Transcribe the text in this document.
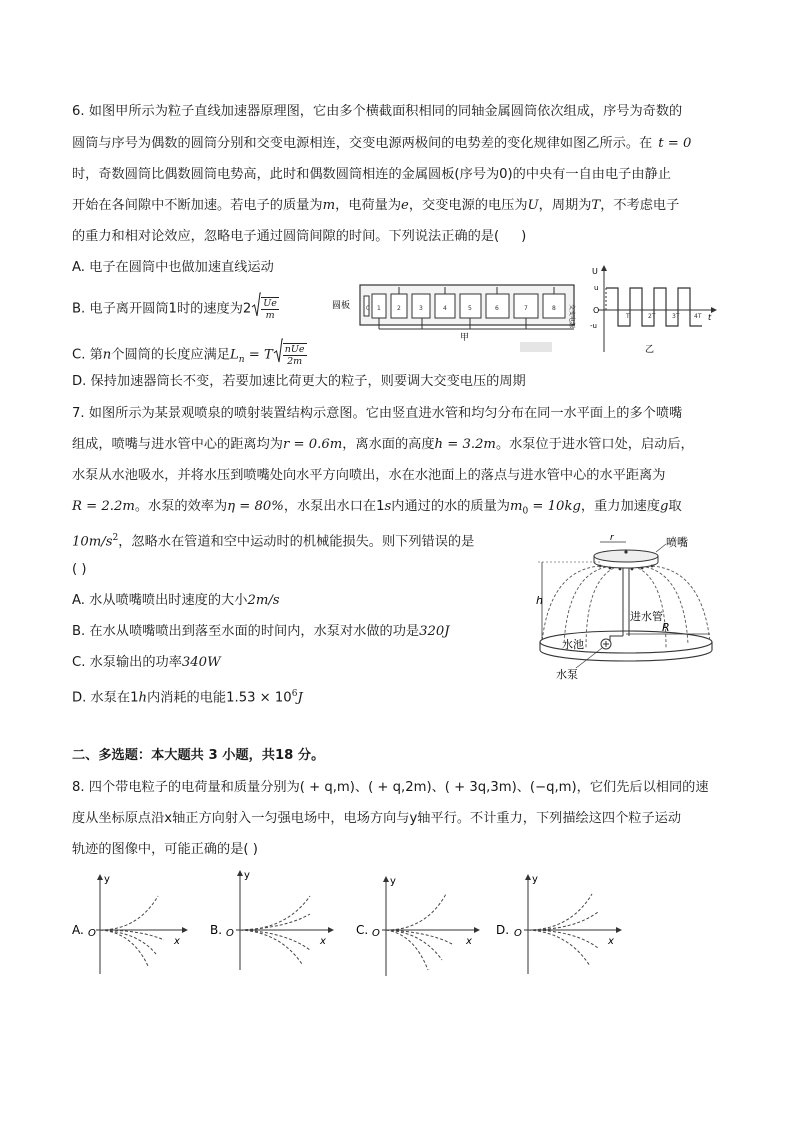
6. 如图甲所示为粒子直线加速器原理图，它由多个横截面积相同的同轴金属圆筒依次组成，序号为奇数的
圆筒与序号为偶数的圆筒分别和交变电源相连，交变电源两极间的电势差的变化规律如图乙所示。在 t = 0
时，奇数圆筒比偶数圆筒电势高，此时和偶数圆筒相连的金属圆板(序号为0)的中央有一自由电子由静止
开始在各间隙中不断加速。若电子的质量为m，电荷量为e，交变电源的电压为U，周期为T，不考虑电子
的重力和相对论效应，忽略电子通过圆筒间隙的时间。下列说法正确的是( )
A. 电子在圆筒中也做加速直线运动
B. 电子离开圆筒1时的速度为$2 \frac{Ue}{m}$
C. 第n个圆筒的长度应满足$L_n = T \frac{\text{nUe}}{2m}$
D. 保持加速器筒长不变，若要加速比荷更大的粒子，则要调大交变电压的周期
圆板	0 1	2	3	4	5	6	7	8 交变电源
甲
U
u
O
-u
T	2T	3T 4T t
乙
7. 如图所示为某景观喷泉的喷射装置结构示意图。它由竖直进水管和均匀分布在同一水平面上的多个喷嘴
组成，喷嘴与进水管中心的距离均为r = 0.6m，离水面的高度h = 3.2m。水泵位于进水管口处，启动后，
水泵从水池吸水，并将水压到喷嘴处向水平方向喷出，水在水池面上的落点与进水管中心的水平距离为
R = 2.2m。水泵的效率为η = 80%，水泵出水口在1s内通过的水的质量为$m_0 = 10kg$，重力加速度g取
$10m/s^2$，忽略水在管道和空中运动时的机械能损失。则下列错误的是
( )
A. 水从喷嘴喷出时速度的大小2m/s
B. 在水从喷嘴喷出到落至水面的时间内，水泵对水做的功是320J
C. 水泵输出的功率340W
D. 水泵在1h内消耗的电能$1.53 \times 10^6J$
h
r
R
喷嘴
进水管
水池
水泵
二、多选题：本大题共 3 小题，共18 分。
8. 四个带电粒子的电荷量和质量分别为( + q,m)、( + q,2m)、( + 3q,3m)、(−q,m)，它们先后以相同的速
度从坐标原点沿x轴正方向射入一匀强电场中，电场方向与y轴平行。不计重力，下列描绘这四个粒子运动
轨迹的图像中，可能正确的是( )
A.
y
x
O	B.
y
x
O	C.
y
x
O	D.
y
x
O
